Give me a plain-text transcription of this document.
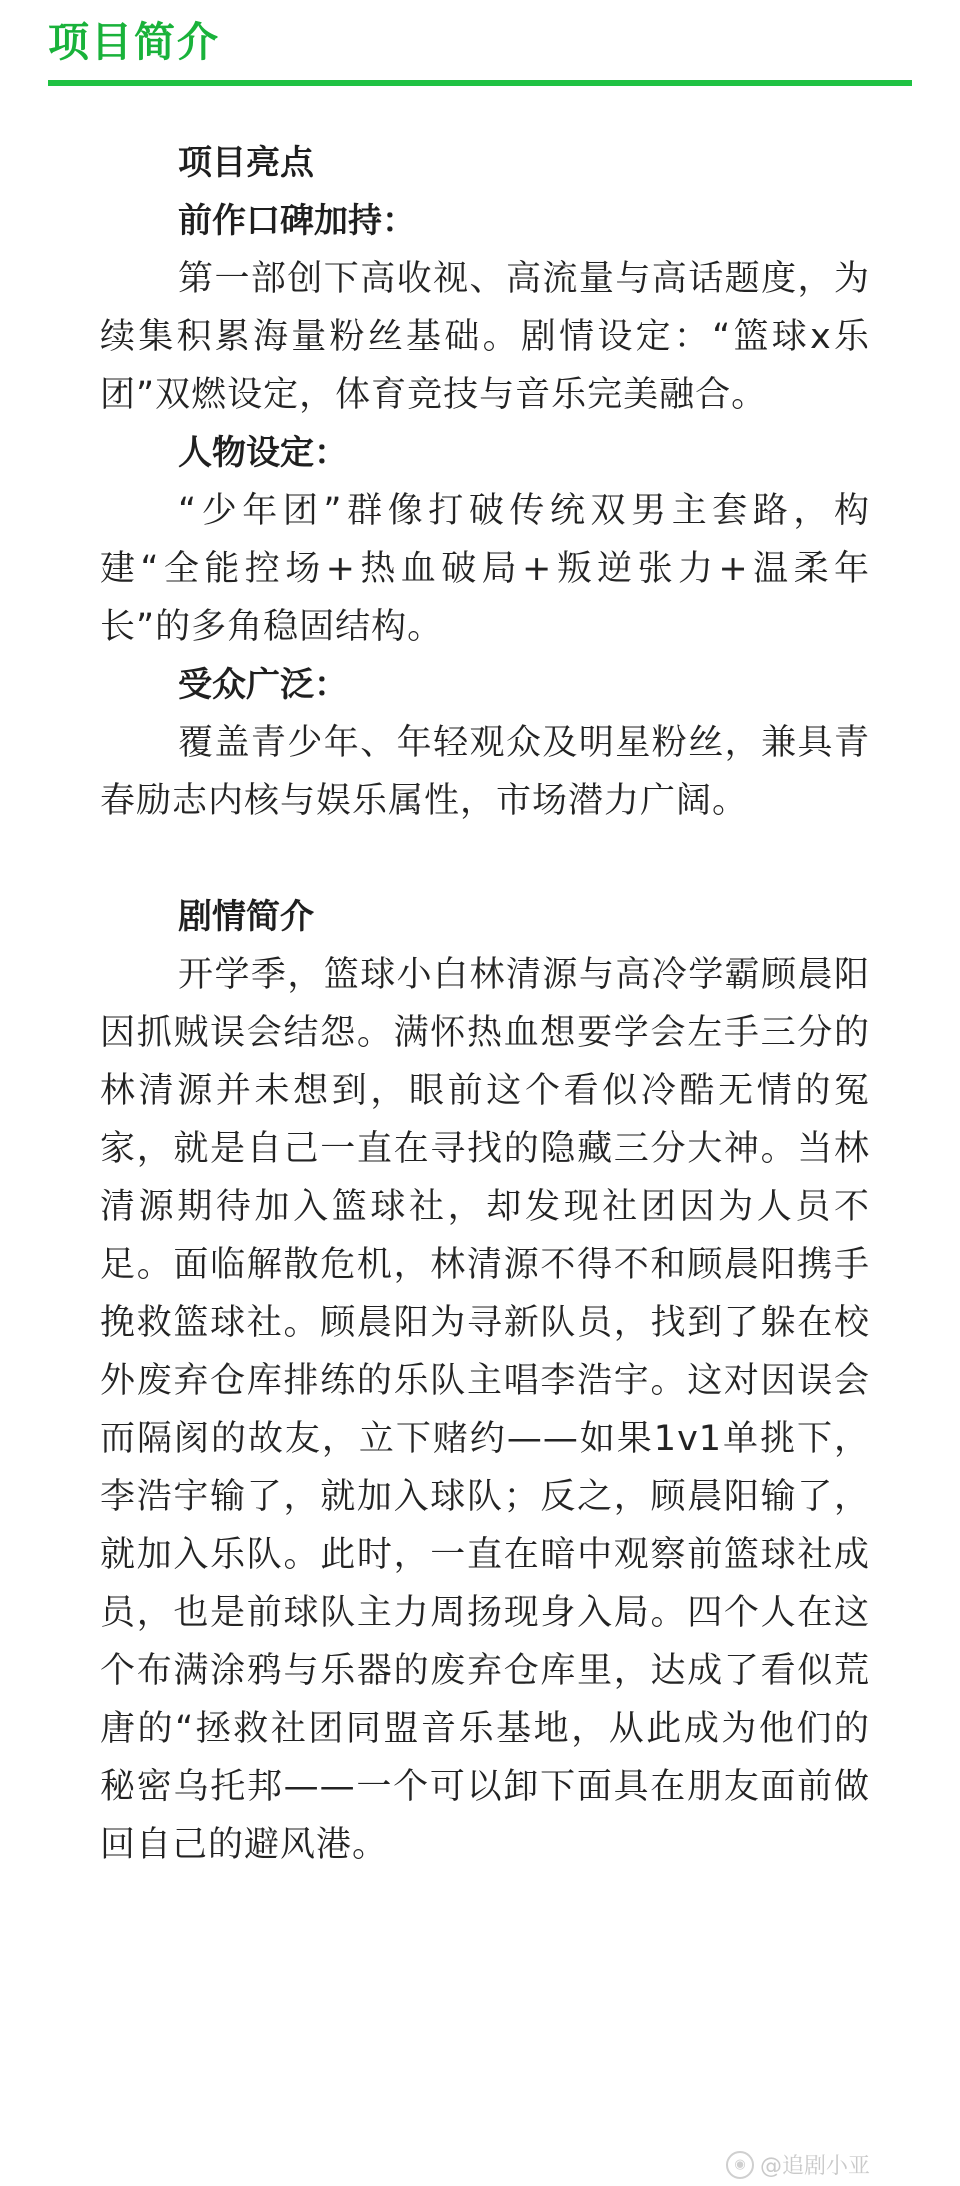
项目简介

项目亮点

前作口碑加持：

第一部创下高收视、高流量与高话题度，为续集积累海量粉丝基础。剧情设定：“篮球x乐团”双燃设定，体育竞技与音乐完美融合。

人物设定：

“少年团”群像打破传统双男主套路，构建“全能控场+热血破局+叛逆张力+温柔年长”的多角稳固结构。

受众广泛：

覆盖青少年、年轻观众及明星粉丝，兼具青春励志内核与娱乐属性，市场潜力广阔。

剧情简介

开学季，篮球小白林清源与高冷学霸顾晨阳因抓贼误会结怨。满怀热血想要学会左手三分的林清源并未想到，眼前这个看似冷酷无情的冤家，就是自己一直在寻找的隐藏三分大神。当林清源期待加入篮球社，却发现社团因为人员不足。面临解散危机，林清源不得不和顾晨阳携手挽救篮球社。顾晨阳为寻新队员，找到了躲在校外废弃仓库排练的乐队主唱李浩宇。这对因误会而隔阂的故友，立下赌约——如果1v1单挑下，李浩宇输了，就加入球队；反之，顾晨阳输了，就加入乐队。此时，一直在暗中观察前篮球社成员，也是前球队主力周扬现身入局。四个人在这个布满涂鸦与乐器的废弃仓库里，达成了看似荒唐的“拯救社团同盟音乐基地，从此成为他们的秘密乌托邦——一个可以卸下面具在朋友面前做回自己的避风港。

◉ @追剧小亚
